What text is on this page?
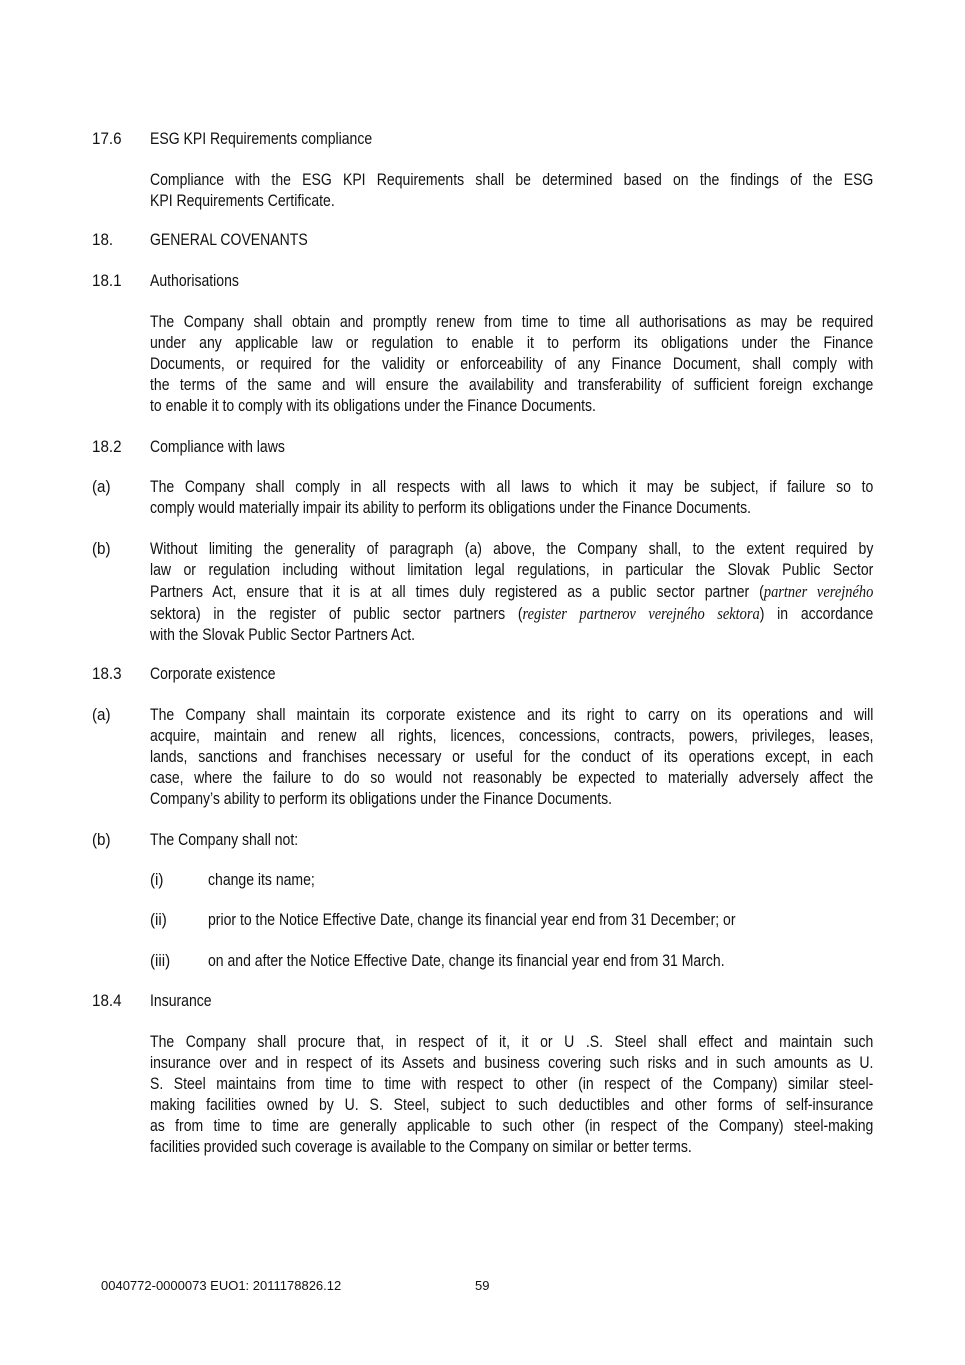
17.6 ESG KPI Requirements compliance
Compliance with the ESG KPI Requirements shall be determined based on the findings of the ESG
KPI Requirements Certificate.
18. GENERAL COVENANTS
18.1 Authorisations
The Company shall obtain and promptly renew from time to time all authorisations as may be required
under any applicable law or regulation to enable it to perform its obligations under the Finance
Documents, or required for the validity or enforceability of any Finance Document, shall comply with
the terms of the same and will ensure the availability and transferability of sufficient foreign exchange
to enable it to comply with its obligations under the Finance Documents.
18.2 Compliance with laws
(a) The Company shall comply in all respects with all laws to which it may be subject, if failure so to
comply would materially impair its ability to perform its obligations under the Finance Documents.
(b) Without limiting the generality of paragraph (a) above, the Company shall, to the extent required by
law or regulation including without limitation legal regulations, in particular the Slovak Public Sector
Partners Act, ensure that it is at all times duly registered as a public sector partner (partner verejného
sektora) in the register of public sector partners (register partnerov verejného sektora) in accordance
with the Slovak Public Sector Partners Act.
18.3 Corporate existence
(a) The Company shall maintain its corporate existence and its right to carry on its operations and will
acquire, maintain and renew all rights, licences, concessions, contracts, powers, privileges, leases,
lands, sanctions and franchises necessary or useful for the conduct of its operations except, in each
case, where the failure to do so would not reasonably be expected to materially adversely affect the
Company’s ability to perform its obligations under the Finance Documents.
(b) The Company shall not:
(i)	change its name;
(ii) prior to the Notice Effective Date, change its financial year end from 31 December; or
(iii) on and after the Notice Effective Date, change its financial year end from 31 March.
18.4 Insurance
The Company shall procure that, in respect of it, it or U .S. Steel shall effect and maintain such
insurance over and in respect of its Assets and business covering such risks and in such amounts as U.
S. Steel maintains from time to time with respect to other (in respect of the Company) similar steel-
making facilities owned by U. S. Steel, subject to such deductibles and other forms of self-insurance
as from time to time are generally applicable to such other (in respect of the Company) steel-making
facilities provided such coverage is available to the Company on similar or better terms.
0040772-0000073 EUO1: 2011178826.12	59
